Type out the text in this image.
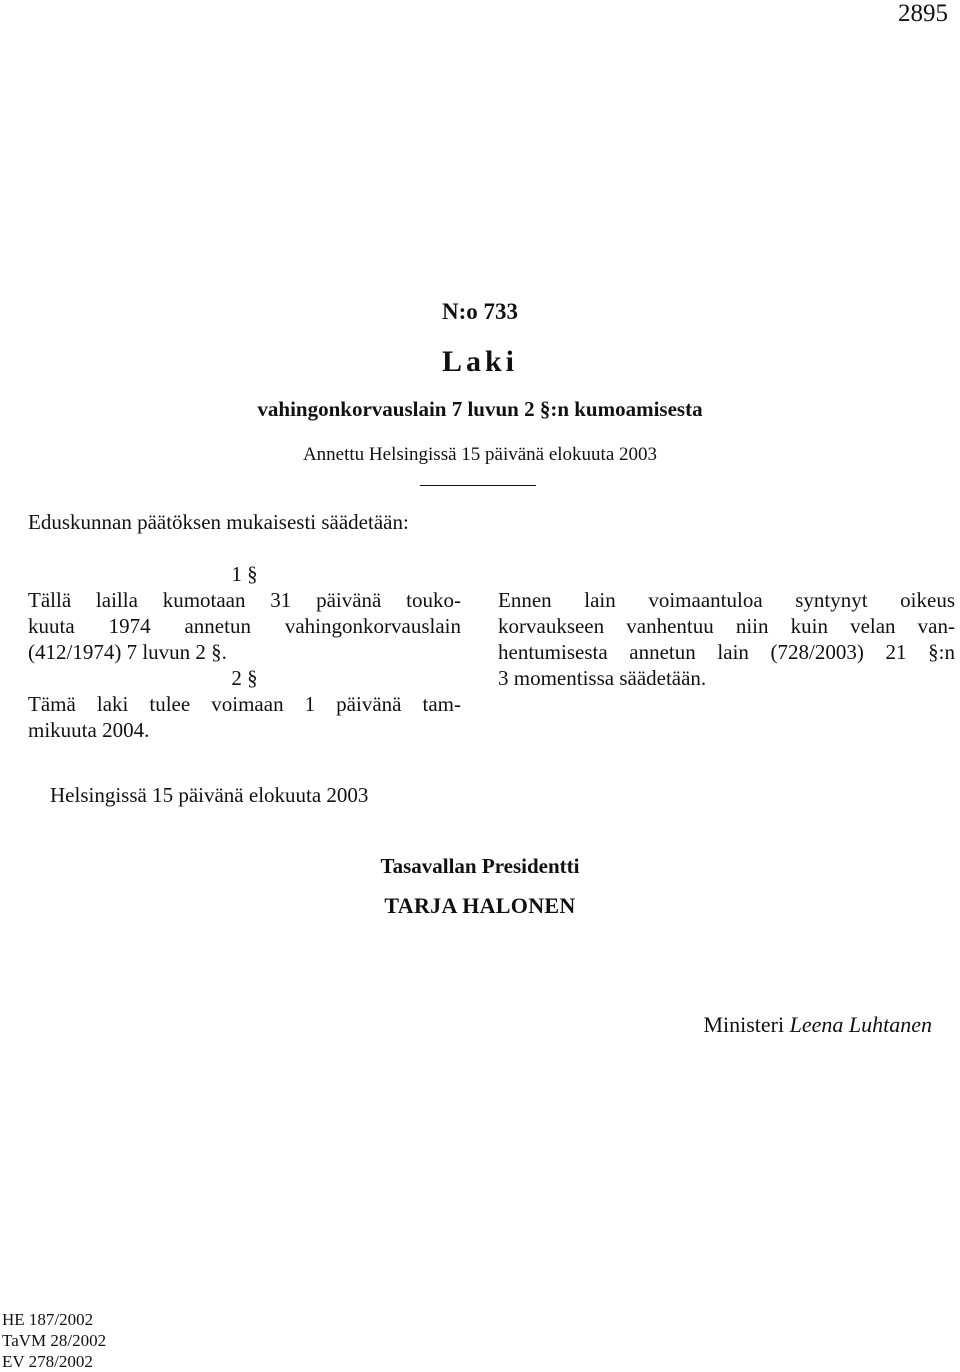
2895
N:o 733
Laki
vahingonkorvauslain 7 luvun 2 §:n kumoamisesta
Annettu Helsingissä 15 päivänä elokuuta 2003
Eduskunnan päätöksen mukaisesti säädetään:
1 §
Tällä lailla kumotaan 31 päivänä touko-
kuuta 1974 annetun vahingonkorvauslain
(412/1974) 7 luvun 2 §.
2 §
Tämä laki tulee voimaan 1 päivänä tam-
mikuuta 2004.
Ennen lain voimaantuloa syntynyt oikeus
korvaukseen vanhentuu niin kuin velan van-
hentumisesta annetun lain (728/2003) 21 §:n
3 momentissa säädetään.
Helsingissä 15 päivänä elokuuta 2003
Tasavallan Presidentti
TARJA HALONEN
Ministeri Leena Luhtanen
HE 187/2002
TaVM 28/2002
EV 278/2002
